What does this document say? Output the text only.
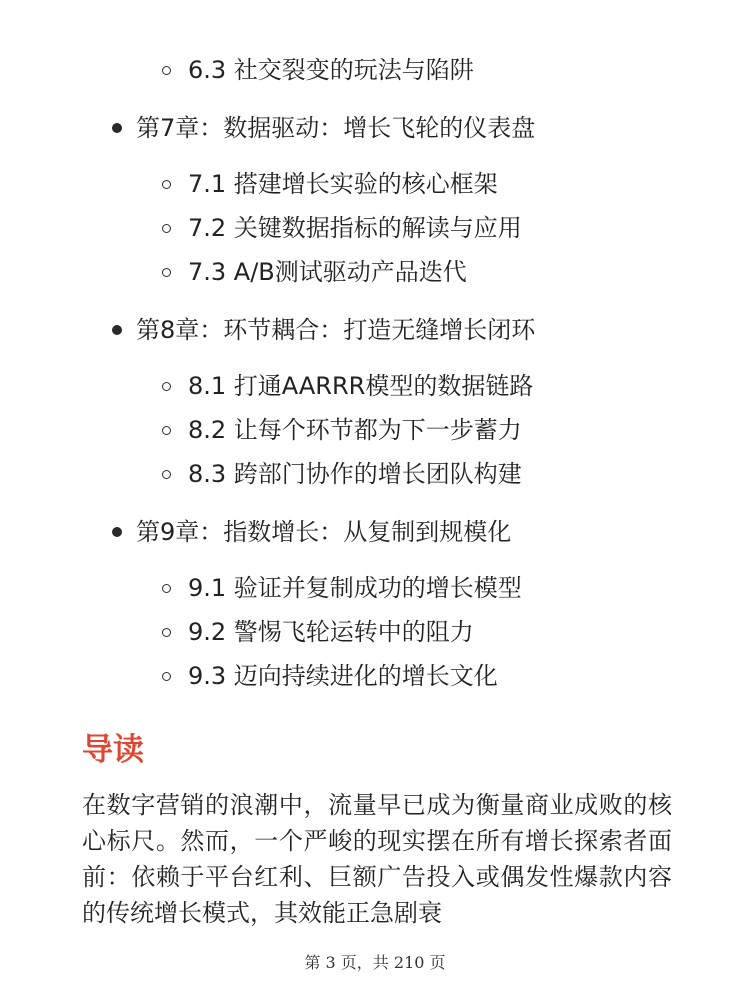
6.3 社交裂变的玩法与陷阱
第7章：数据驱动：增长飞轮的仪表盘
7.1 搭建增长实验的核心框架
7.2 关键数据指标的解读与应用
7.3 A/B测试驱动产品迭代
第8章：环节耦合：打造无缝增长闭环
8.1 打通AARRR模型的数据链路
8.2 让每个环节都为下一步蓄力
8.3 跨部门协作的增长团队构建
第9章：指数增长：从复制到规模化
9.1 验证并复制成功的增长模型
9.2 警惕飞轮运转中的阻力
9.3 迈向持续进化的增长文化
导读

在数字营销的浪潮中，流量早已成为衡量商业成败的核心标尺。然而，一个严峻的现实摆在所有增长探索者面前：依赖于平台红利、巨额广告投入或偶发性爆款内容的传统增长模式，其效能正急剧衰

第 3 页，共 210 页
